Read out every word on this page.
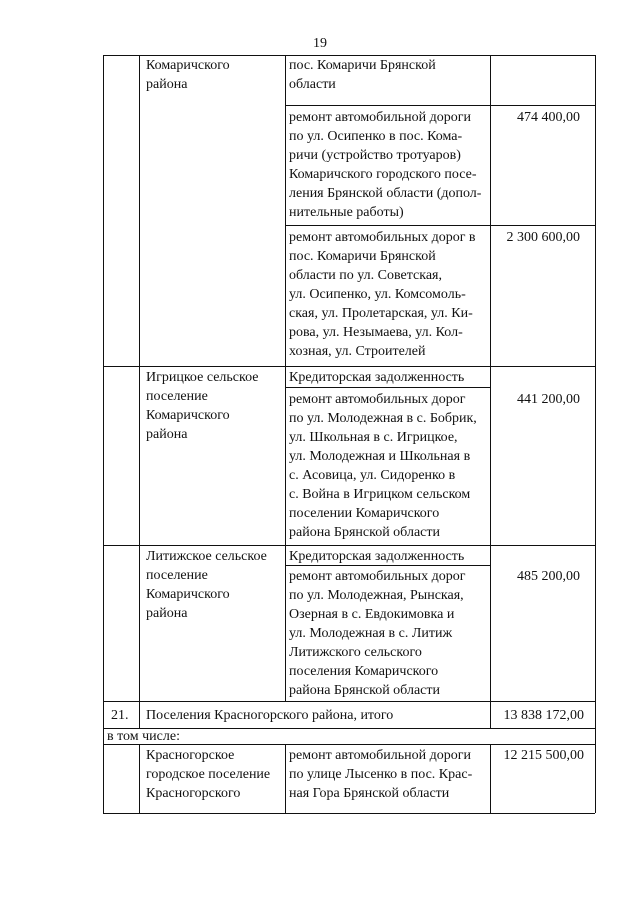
19
Комаричского
района
пос. Комаричи Брянской
области
ремонт автомобильной дороги
по ул. Осипенко в пос. Кома-
ричи (устройство тротуаров)
Комаричского городского посе-
ления Брянской области (допол-
нительные работы)
474 400,00
ремонт автомобильных дорог в
пос. Комаричи Брянской
области по ул. Советская,
ул. Осипенко, ул. Комсомоль-
ская, ул. Пролетарская, ул. Ки-
рова, ул. Незымаева, ул. Кол-
хозная, ул. Строителей
2 300 600,00
Игрицкое сельское
поселение
Комаричского
района
Кредиторская задолженность
ремонт автомобильных дорог
по ул. Молодежная в с. Бобрик,
ул. Школьная в с. Игрицкое,
ул. Молодежная и Школьная в
с. Асовица, ул. Сидоренко в
с. Война в Игрицком сельском
поселении Комаричского
района Брянской области
441 200,00
Литижское сельское
поселение
Комаричского
района
Кредиторская задолженность
ремонт автомобильных дорог
по ул. Молодежная, Рынская,
Озерная в с. Евдокимовка и
ул. Молодежная в с. Литиж
Литижского сельского
поселения Комаричского
района Брянской области
485 200,00
21.	Поселения Красногорского района, итого	13 838 172,00
в том числе:
Красногорское
городское поселение
Красногорского
ремонт автомобильной дороги
по улице Лысенко в пос. Крас-
ная Гора Брянской области
12 215 500,00
